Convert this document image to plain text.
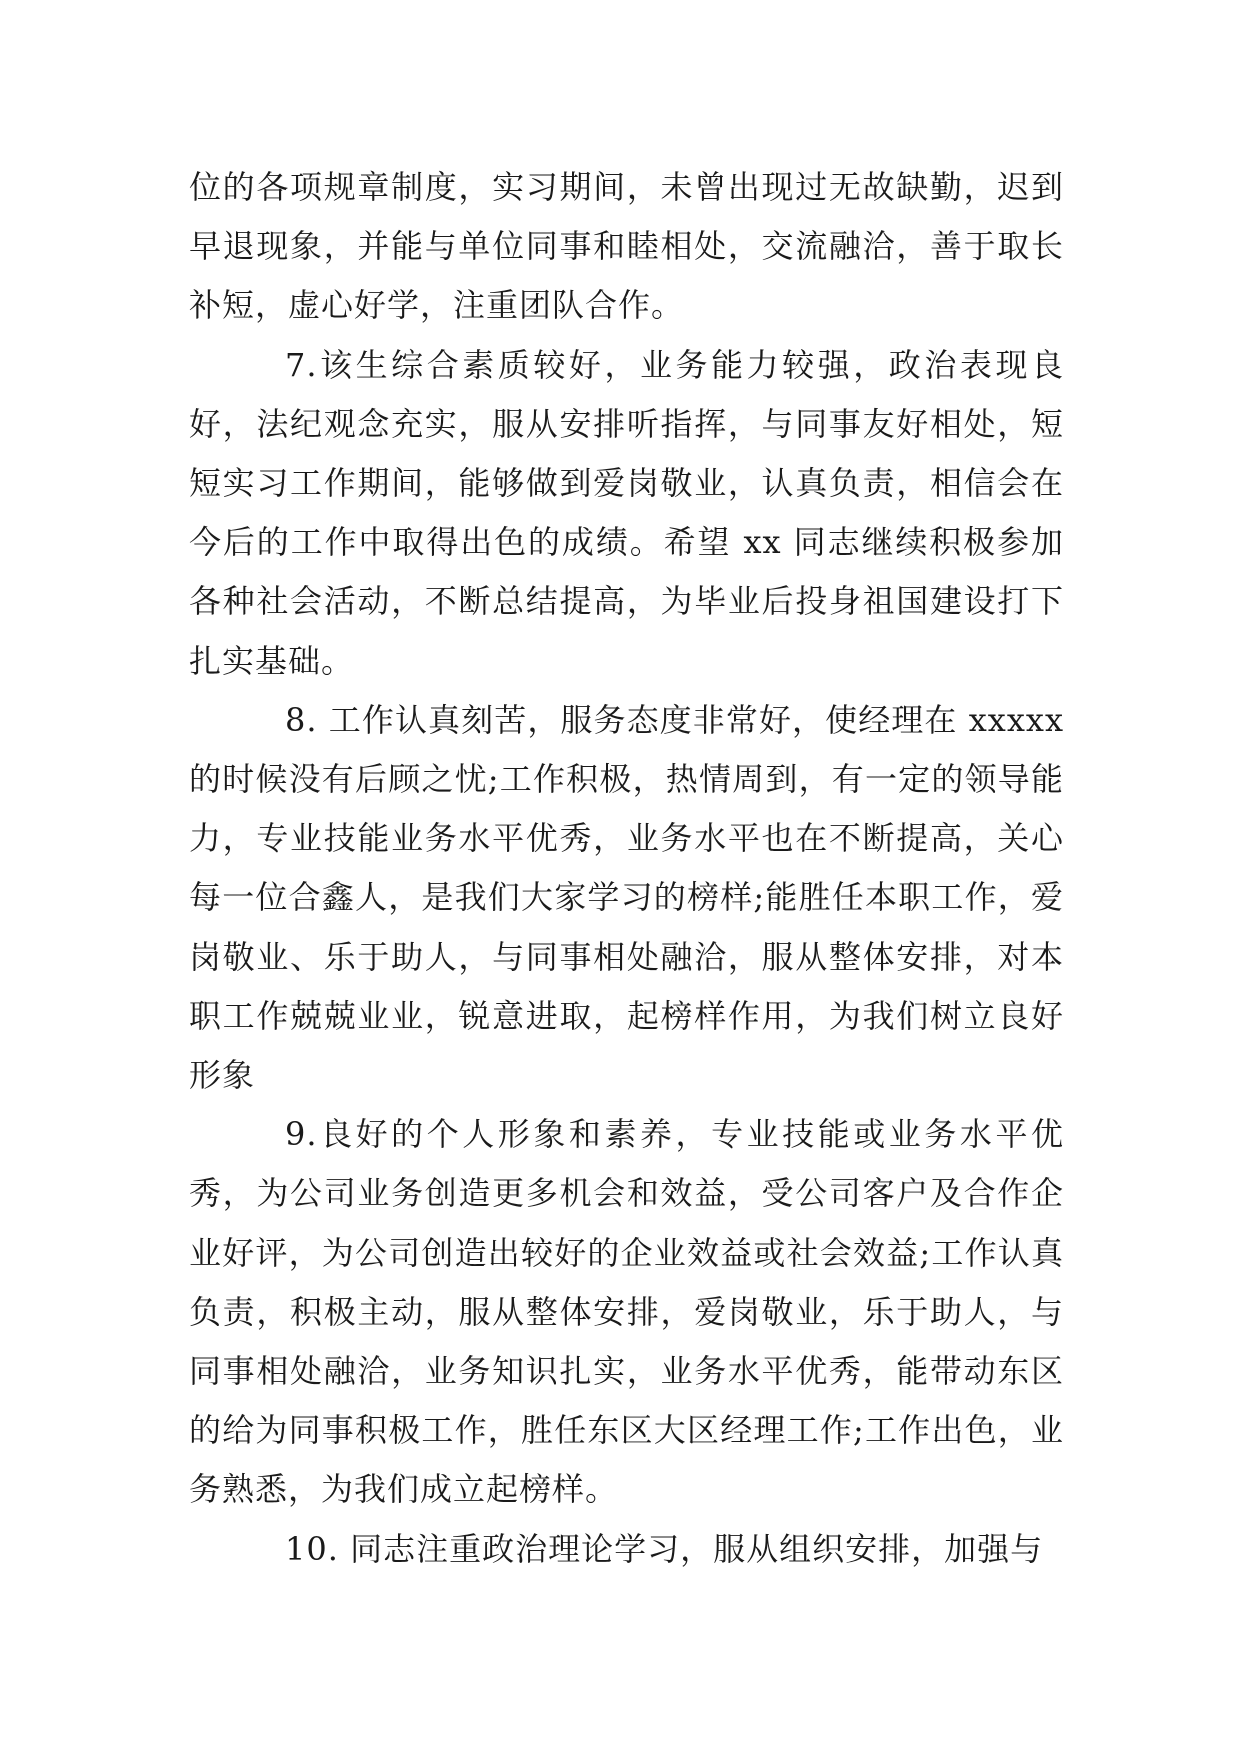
位的各项规章制度，实习期间，未曾出现过无故缺勤，迟到早退现象，并能与单位同事和睦相处，交流融洽，善于取长补短，虚心好学，注重团队合作。

7.该生综合素质较好，业务能力较强，政治表现良好，法纪观念充实，服从安排听指挥，与同事友好相处，短短实习工作期间，能够做到爱岗敬业，认真负责，相信会在今后的工作中取得出色的成绩。希望 xx 同志继续积极参加各种社会活动，不断总结提高，为毕业后投身祖国建设打下扎实基础。

8. 工作认真刻苦，服务态度非常好，使经理在 xxxxx 的时候没有后顾之忧;工作积极，热情周到，有一定的领导能力，专业技能业务水平优秀，业务水平也在不断提高，关心每一位合鑫人，是我们大家学习的榜样;能胜任本职工作，爱岗敬业、乐于助人，与同事相处融洽，服从整体安排，对本职工作兢兢业业，锐意进取，起榜样作用，为我们树立良好形象

9.良好的个人形象和素养，专业技能或业务水平优秀，为公司业务创造更多机会和效益，受公司客户及合作企业好评，为公司创造出较好的企业效益或社会效益;工作认真负责，积极主动，服从整体安排，爱岗敬业，乐于助人，与同事相处融洽，业务知识扎实，业务水平优秀，能带动东区的给为同事积极工作，胜任东区大区经理工作;工作出色，业务熟悉，为我们成立起榜样。

10. 同志注重政治理论学习，服从组织安排，加强与
